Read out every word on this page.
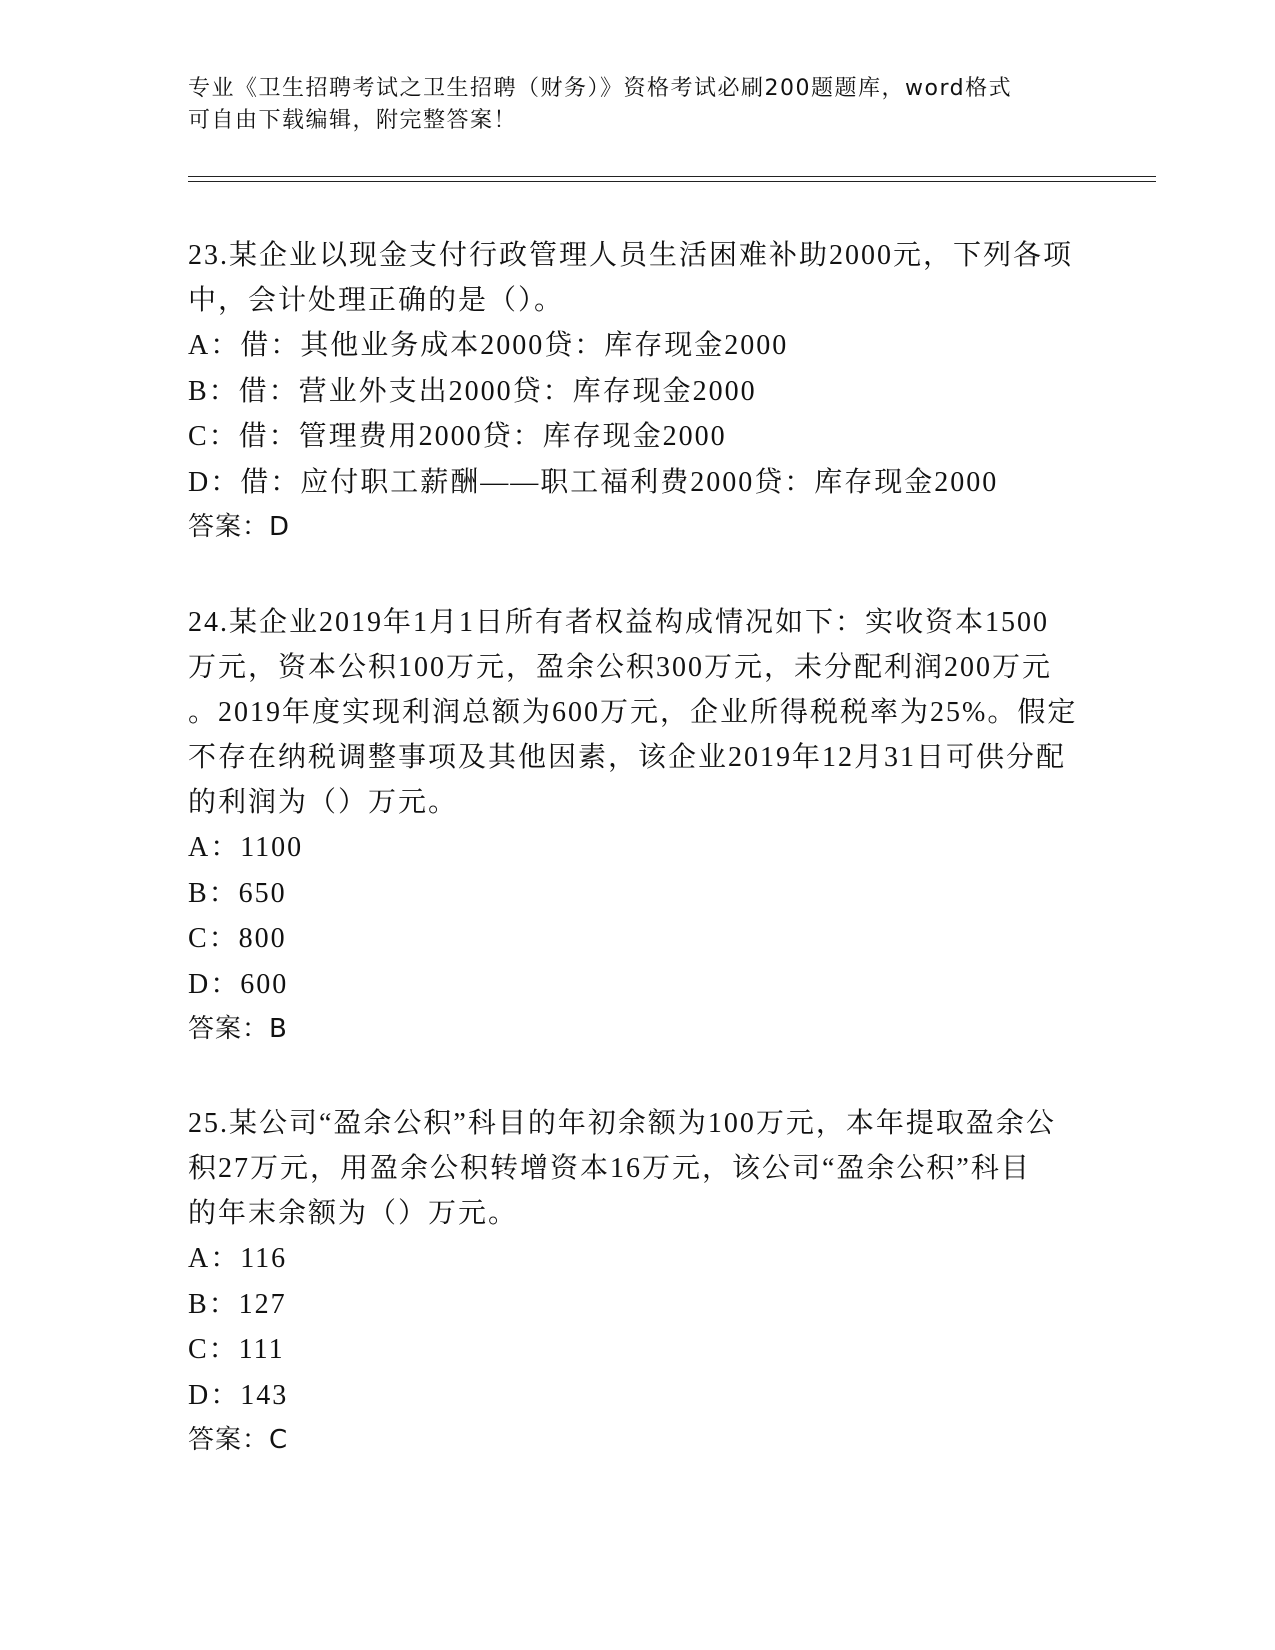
专业《卫生招聘考试之卫生招聘（财务）》资格考试必刷200题题库，word格式
可自由下载编辑，附完整答案！
23.某企业以现金支付行政管理人员生活困难补助2000元，下列各项
中，会计处理正确的是（）。
A：借：其他业务成本2000贷：库存现金2000
B：借：营业外支出2000贷：库存现金2000
C：借：管理费用2000贷：库存现金2000
D：借：应付职工薪酬——职工福利费2000贷：库存现金2000
答案：D
24.某企业2019年1月1日所有者权益构成情况如下：实收资本1500
万元，资本公积100万元，盈余公积300万元，未分配利润200万元
。2019年度实现利润总额为600万元，企业所得税税率为25%。假定
不存在纳税调整事项及其他因素，该企业2019年12月31日可供分配
的利润为（）万元。
A：1100
B：650
C：800
D：600
答案：B
25.某公司“盈余公积”科目的年初余额为100万元，本年提取盈余公
积27万元，用盈余公积转增资本16万元，该公司“盈余公积”科目
的年末余额为（）万元。
A：116
B：127
C：111
D：143
答案：C
